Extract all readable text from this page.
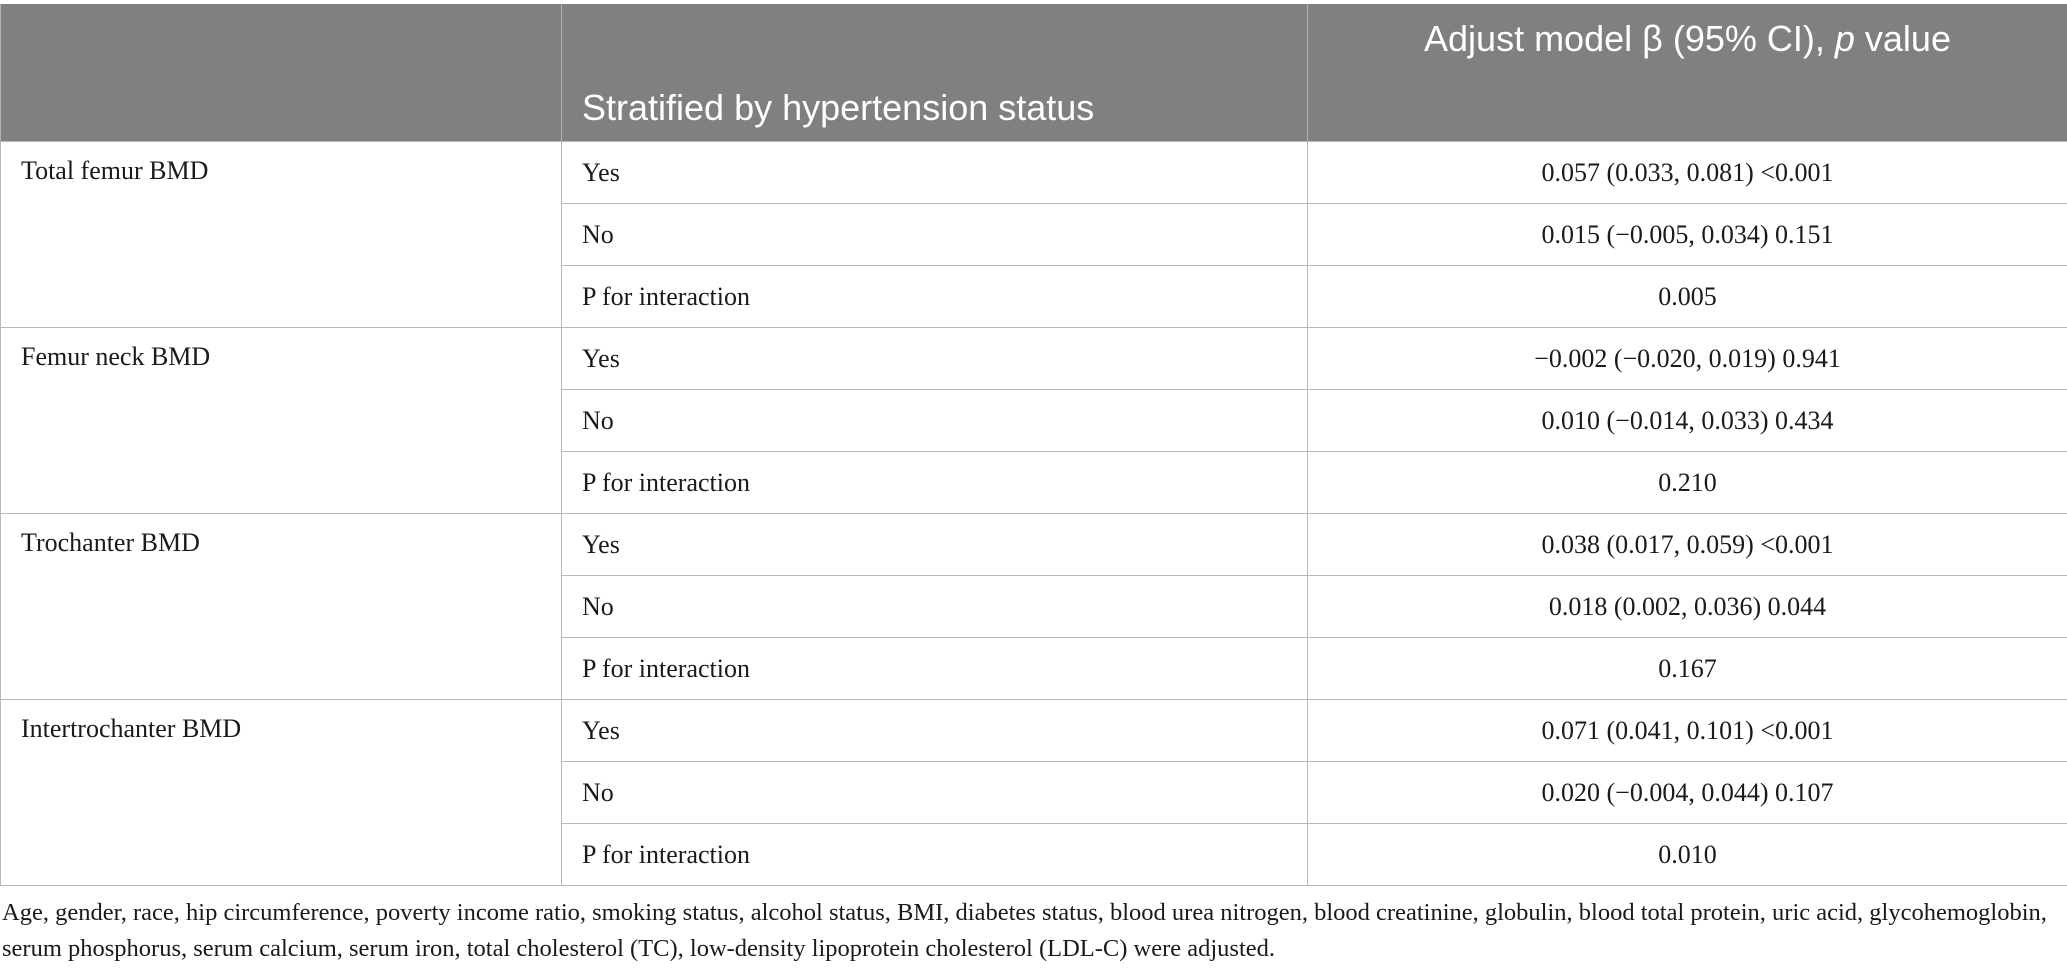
	Stratified by hypertension status	Adjust model β (95% CI), p value

Total femur BMD	Yes	0.057 (0.033, 0.081) <0.001
	No	0.015 (−0.005, 0.034) 0.151
	P for interaction	0.005
Femur neck BMD	Yes	−0.002 (−0.020, 0.019) 0.941
	No	0.010 (−0.014, 0.033) 0.434
	P for interaction	0.210
Trochanter BMD	Yes	0.038 (0.017, 0.059) <0.001
	No	0.018 (0.002, 0.036) 0.044
	P for interaction	0.167
Intertrochanter BMD	Yes	0.071 (0.041, 0.101) <0.001
	No	0.020 (−0.004, 0.044) 0.107
	P for interaction	0.010
Age, gender, race, hip circumference, poverty income ratio, smoking status, alcohol status, BMI, diabetes status, blood urea nitrogen, blood creatinine, globulin, blood total protein, uric acid, glycohemoglobin, serum phosphorus, serum calcium, serum iron, total cholesterol (TC), low-density lipoprotein cholesterol (LDL-C) were adjusted.
